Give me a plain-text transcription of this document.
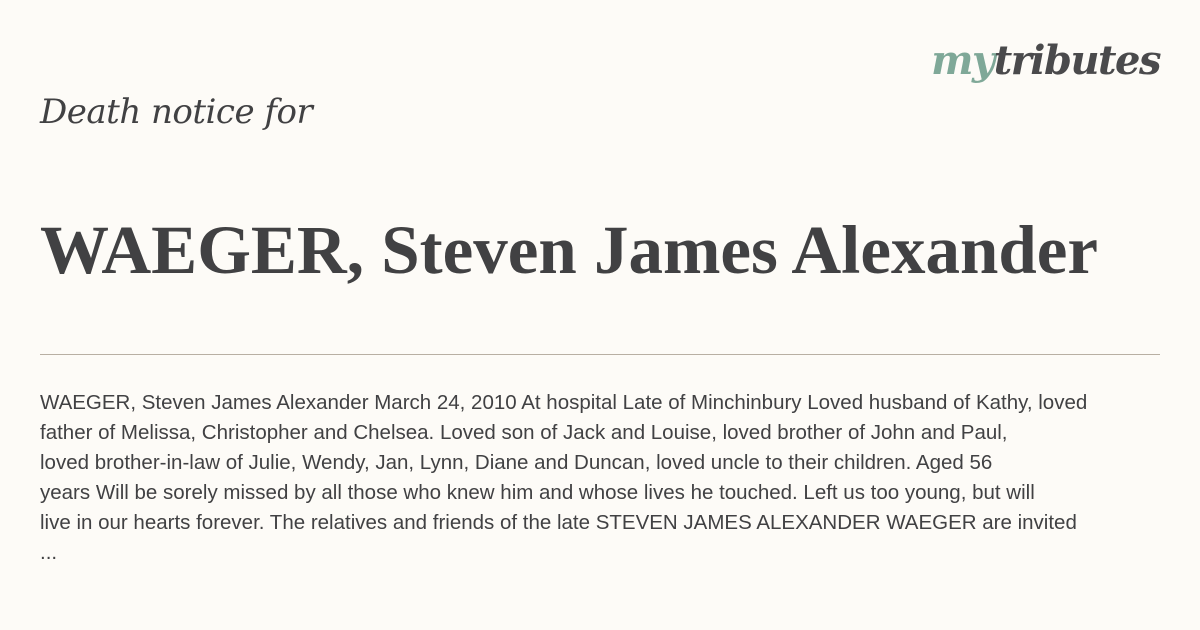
mytributes
Death notice for
WAEGER, Steven James Alexander

WAEGER, Steven James Alexander March 24, 2010 At hospital Late of Minchinbury Loved husband of Kathy, loved
father of Melissa, Christopher and Chelsea. Loved son of Jack and Louise, loved brother of John and Paul,
loved brother-in-law of Julie, Wendy, Jan, Lynn, Diane and Duncan, loved uncle to their children. Aged 56
years Will be sorely missed by all those who knew him and whose lives he touched. Left us too young, but will
live in our hearts forever. The relatives and friends of the late STEVEN JAMES ALEXANDER WAEGER are invited
...
